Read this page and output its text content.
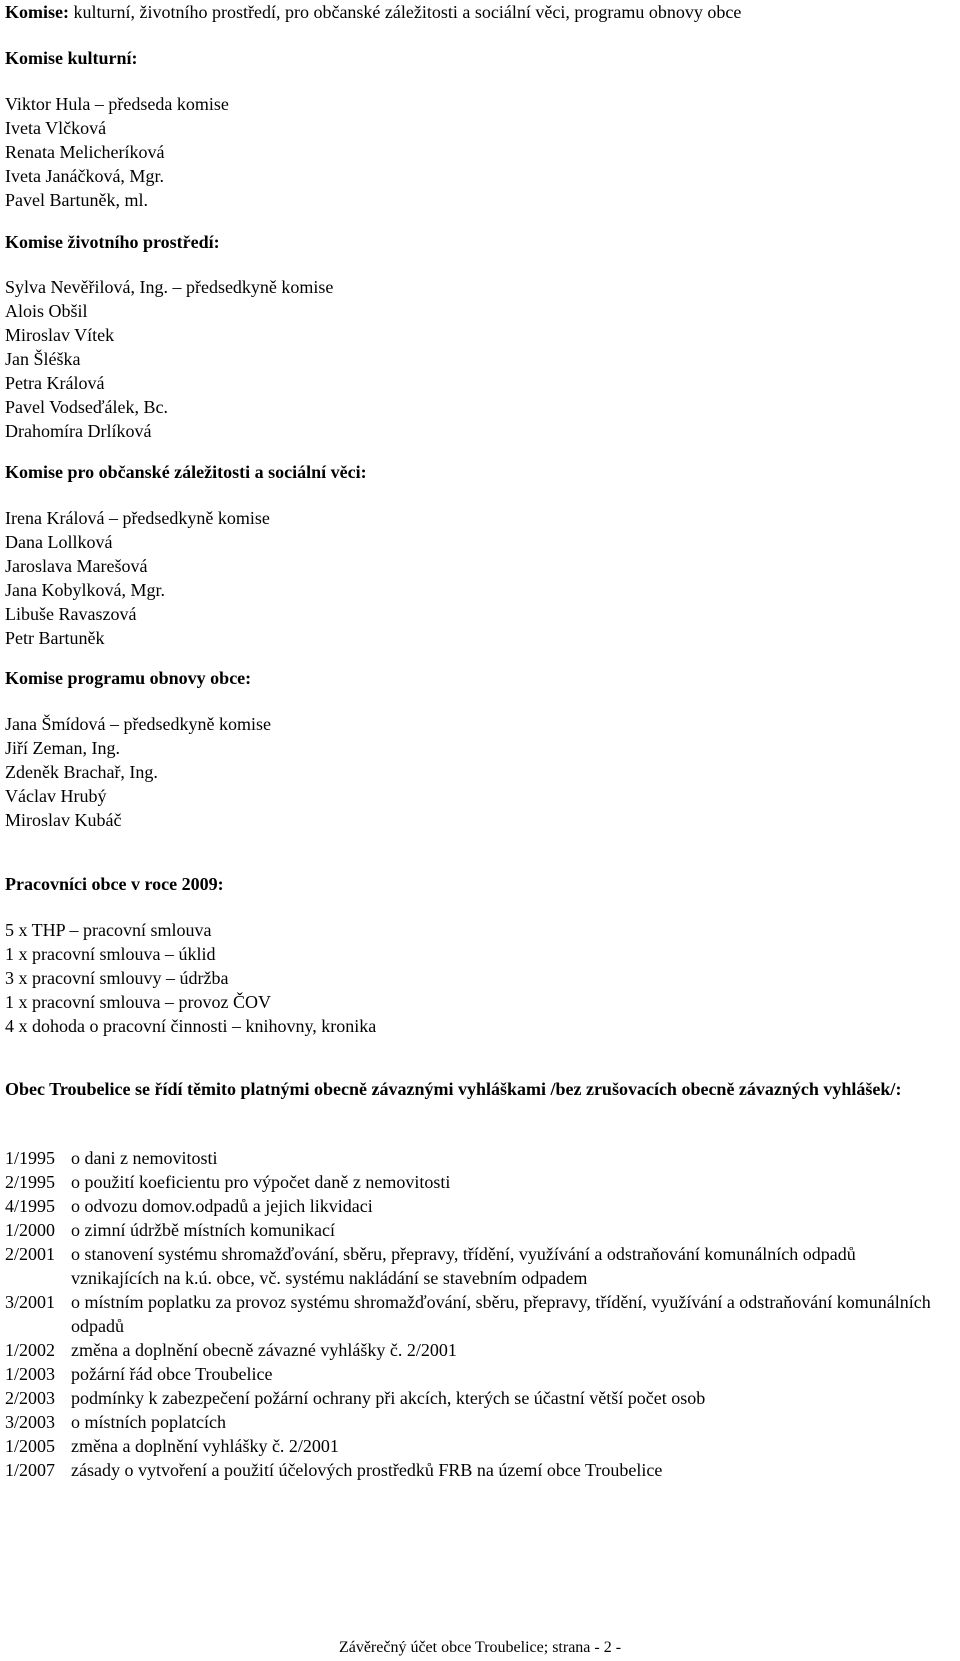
Komise: kulturní, životního prostředí, pro občanské záležitosti a sociální věci, programu obnovy obce

Komise kulturní:

Viktor Hula – předseda komise

Iveta Vlčková

Renata Melicheríková

Iveta Janáčková, Mgr.

Pavel Bartuněk, ml.

Komise životního prostředí:

Sylva Nevěřilová, Ing. – předsedkyně komise

Alois Obšil

Miroslav Vítek

Jan Šléška

Petra Králová

Pavel Vodseďálek, Bc.

Drahomíra Drlíková

Komise pro občanské záležitosti a sociální věci:

Irena Králová – předsedkyně komise

Dana Lollková

Jaroslava Marešová

Jana Kobylková, Mgr.

Libuše Ravaszová

Petr Bartuněk

Komise programu obnovy obce:

Jana Šmídová – předsedkyně komise

Jiří Zeman, Ing.

Zdeněk Brachař, Ing.

Václav Hrubý

Miroslav Kubáč

Pracovníci obce v roce 2009:

5 x THP – pracovní smlouva

1 x pracovní smlouva – úklid

3 x pracovní smlouvy – údržba

1 x pracovní smlouva – provoz ČOV

4 x dohoda o pracovní činnosti – knihovny, kronika

Obec Troubelice se řídí těmito platnými obecně závaznými vyhláškami /bez zrušovacích obecně závazných vyhlášek/:

1/1995 o dani z nemovitosti
2/1995 o použití koeficientu pro výpočet daně z nemovitosti
4/1995 o odvozu domov.odpadů a jejich likvidaci
1/2000 o zimní údržbě místních komunikací
2/2001 o stanovení systému shromažďování, sběru, přepravy, třídění, využívání a odstraňování komunálních odpadů vznikajících na k.ú. obce, vč. systému nakládání se stavebním odpadem
3/2001 o místním poplatku za provoz systému shromažďování, sběru, přepravy, třídění, využívání a odstraňování komunálních odpadů
1/2002 změna a doplnění obecně závazné vyhlášky č. 2/2001
1/2003 požární řád obce Troubelice
2/2003 podmínky k zabezpečení požární ochrany při akcích, kterých se účastní větší počet osob
3/2003 o místních poplatcích
1/2005 změna a doplnění vyhlášky č. 2/2001
1/2007 zásady o vytvoření a použití účelových prostředků FRB na území obce Troubelice
Závěrečný účet obce Troubelice; strana - 2 -
